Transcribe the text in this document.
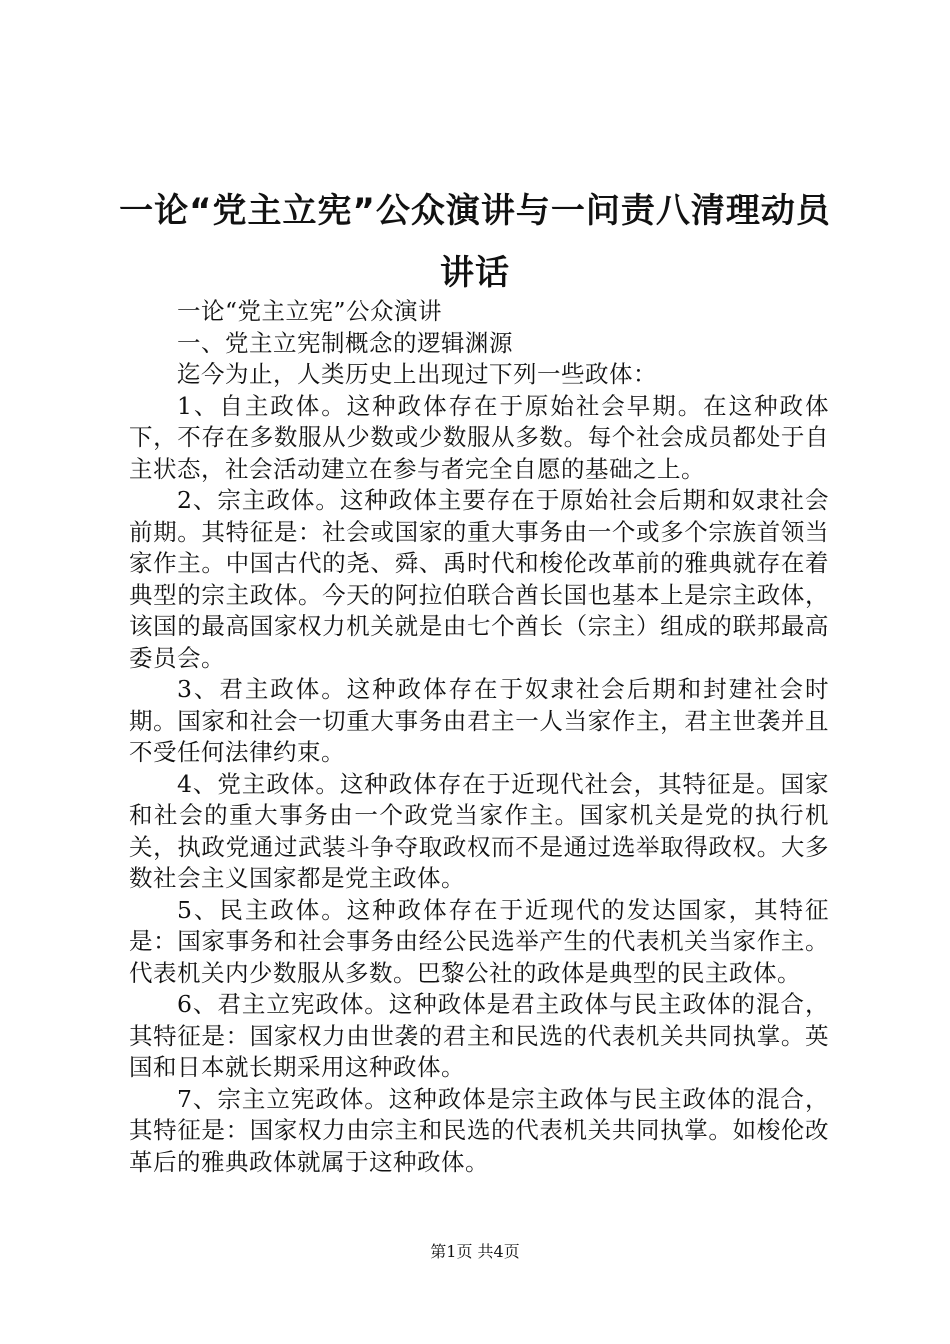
一论“党主立宪”公众演讲与一问责八清理动员讲话

一论“党主立宪”公众演讲

一、党主立宪制概念的逻辑渊源

迄今为止，人类历史上出现过下列一些政体：

1、自主政体。这种政体存在于原始社会早期。在这种政体下，不存在多数服从少数或少数服从多数。每个社会成员都处于自主状态，社会活动建立在参与者完全自愿的基础之上。

2、宗主政体。这种政体主要存在于原始社会后期和奴隶社会前期。其特征是：社会或国家的重大事务由一个或多个宗族首领当家作主。中国古代的尧、舜、禹时代和梭伦改革前的雅典就存在着典型的宗主政体。今天的阿拉伯联合酋长国也基本上是宗主政体，该国的最高国家权力机关就是由七个酋长（宗主）组成的联邦最高委员会。

3、君主政体。这种政体存在于奴隶社会后期和封建社会时期。国家和社会一切重大事务由君主一人当家作主，君主世袭并且不受任何法律约束。

4、党主政体。这种政体存在于近现代社会，其特征是。国家和社会的重大事务由一个政党当家作主。国家机关是党的执行机关，执政党通过武装斗争夺取政权而不是通过选举取得政权。大多数社会主义国家都是党主政体。

5、民主政体。这种政体存在于近现代的发达国家，其特征是：国家事务和社会事务由经公民选举产生的代表机关当家作主。代表机关内少数服从多数。巴黎公社的政体是典型的民主政体。

6、君主立宪政体。这种政体是君主政体与民主政体的混合，其特征是：国家权力由世袭的君主和民选的代表机关共同执掌。英国和日本就长期采用这种政体。

7、宗主立宪政体。这种政体是宗主政体与民主政体的混合，其特征是：国家权力由宗主和民选的代表机关共同执掌。如梭伦改革后的雅典政体就属于这种政体。

第1页 共4页
